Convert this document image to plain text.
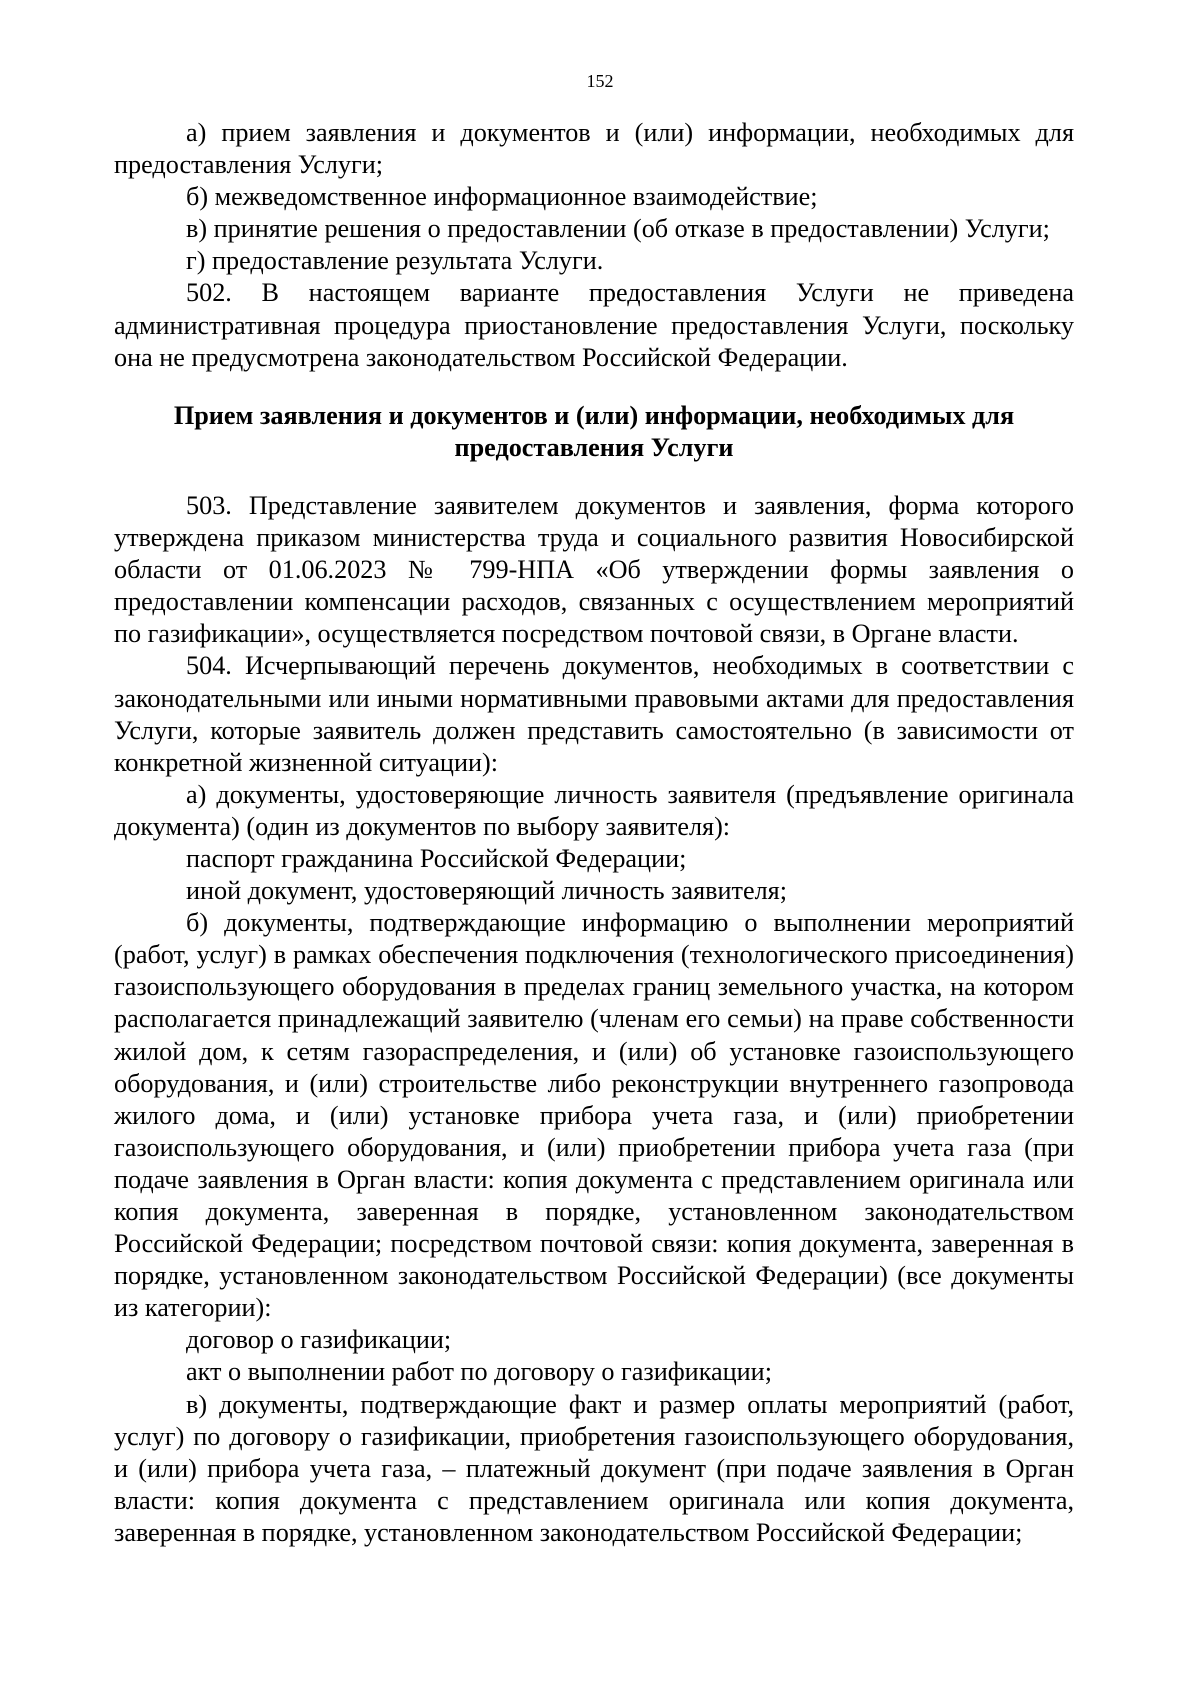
152

а) прием заявления и документов и (или) информации, необходимых для предоставления Услуги;

б) межведомственное информационное взаимодействие;

в) принятие решения о предоставлении (об отказе в предоставлении) Услуги;

г) предоставление результата Услуги.

502. В настоящем варианте предоставления Услуги не приведена административная процедура приостановление предоставления Услуги, поскольку она не предусмотрена законодательством Российской Федерации.

Прием заявления и документов и (или) информации, необходимых для предоставления Услуги

503. Представление заявителем документов и заявления, форма которого утверждена приказом министерства труда и социального развития Новосибирской области от 01.06.2023 № 799-НПА «Об утверждении формы заявления о предоставлении компенсации расходов, связанных с осуществлением мероприятий по газификации», осуществляется посредством почтовой связи, в Органе власти.

504. Исчерпывающий перечень документов, необходимых в соответствии с законодательными или иными нормативными правовыми актами для предоставления Услуги, которые заявитель должен представить самостоятельно (в зависимости от конкретной жизненной ситуации):

а) документы, удостоверяющие личность заявителя (предъявление оригинала документа) (один из документов по выбору заявителя):

паспорт гражданина Российской Федерации;

иной документ, удостоверяющий личность заявителя;

б) документы, подтверждающие информацию о выполнении мероприятий (работ, услуг) в рамках обеспечения подключения (технологического присоединения) газоиспользующего оборудования в пределах границ земельного участка, на котором располагается принадлежащий заявителю (членам его семьи) на праве собственности жилой дом, к сетям газораспределения, и (или) об установке газоиспользующего оборудования, и (или) строительстве либо реконструкции внутреннего газопровода жилого дома, и (или) установке прибора учета газа, и (или) приобретении газоиспользующего оборудования, и (или) приобретении прибора учета газа (при подаче заявления в Орган власти: копия документа с представлением оригинала или копия документа, заверенная в порядке, установленном законодательством Российской Федерации; посредством почтовой связи: копия документа, заверенная в порядке, установленном законодательством Российской Федерации) (все документы из категории):

договор о газификации;

акт о выполнении работ по договору о газификации;

в) документы, подтверждающие факт и размер оплаты мероприятий (работ, услуг) по договору о газификации, приобретения газоиспользующего оборудования, и (или) прибора учета газа, – платежный документ (при подаче заявления в Орган власти: копия документа с представлением оригинала или копия документа, заверенная в порядке, установленном законодательством Российской Федерации;
